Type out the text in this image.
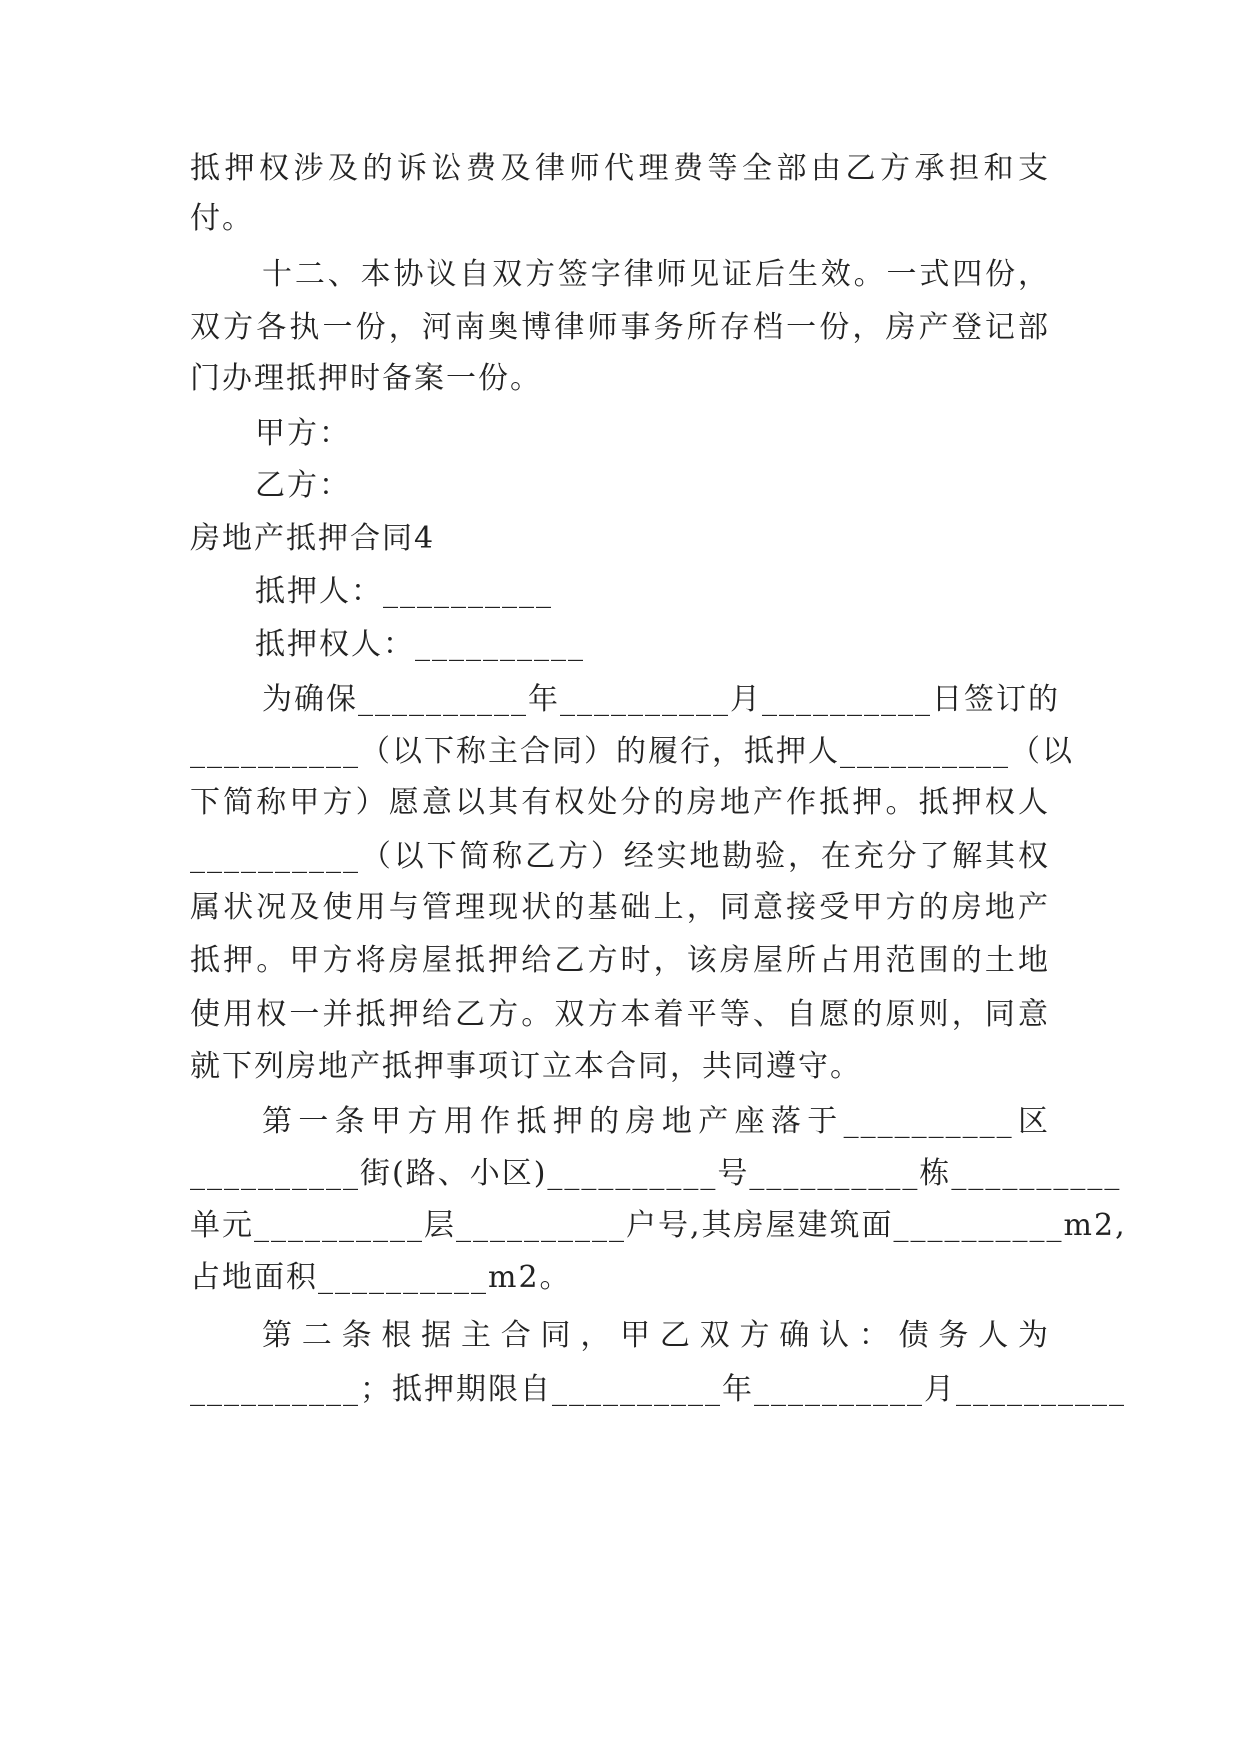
抵押权涉及的诉讼费及律师代理费等全部由乙方承担和支
付。
十二、本协议自双方签字律师见证后生效。一式四份，
双方各执一份，河南奥博律师事务所存档一份，房产登记部
门办理抵押时备案一份。
甲方：
乙方：
房地产抵押合同4
抵押人：__________
抵押权人：__________
为确保__________年__________月__________日签订的
__________（以下称主合同）的履行，抵押人__________（以
下简称甲方）愿意以其有权处分的房地产作抵押。抵押权人
__________（以下简称乙方）经实地勘验，在充分了解其权
属状况及使用与管理现状的基础上，同意接受甲方的房地产
抵押。甲方将房屋抵押给乙方时，该房屋所占用范围的土地
使用权一并抵押给乙方。双方本着平等、自愿的原则，同意
就下列房地产抵押事项订立本合同，共同遵守。
第一条甲方用作抵押的房地产座落于__________区
__________街(路、小区)__________号__________栋__________
单元__________层__________户号,其房屋建筑面__________m2,
占地面积__________m2。
第二条根据主合同，甲乙双方确认：债务人为
__________；抵押期限自__________年__________月__________
